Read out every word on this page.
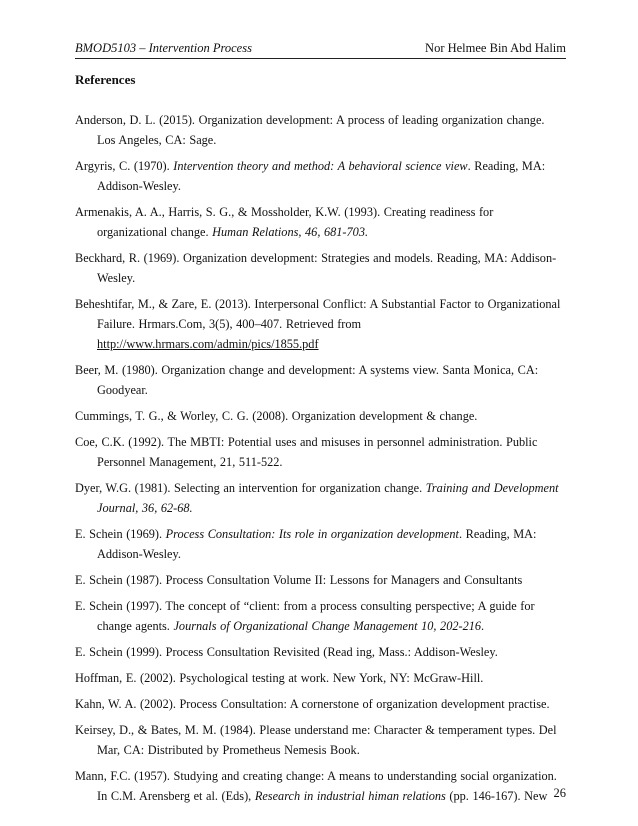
BMOD5103 – Intervention Process	Nor Helmee Bin Abd Halim
References
Anderson, D. L. (2015). Organization development: A process of leading organization change. Los Angeles, CA: Sage.
Argyris, C. (1970). Intervention theory and method: A behavioral science view. Reading, MA: Addison-Wesley.
Armenakis, A. A., Harris, S. G., & Mossholder, K.W. (1993). Creating readiness for organizational change. Human Relations, 46, 681-703.
Beckhard, R. (1969). Organization development: Strategies and models. Reading, MA: Addison-Wesley.
Beheshtifar, M., & Zare, E. (2013). Interpersonal Conflict: A Substantial Factor to Organizational Failure. Hrmars.Com, 3(5), 400–407. Retrieved from http://www.hrmars.com/admin/pics/1855.pdf
Beer, M. (1980). Organization change and development: A systems view. Santa Monica, CA: Goodyear.
Cummings, T. G., & Worley, C. G. (2008). Organization development & change.
Coe, C.K. (1992). The MBTI: Potential uses and misuses in personnel administration. Public Personnel Management, 21, 511-522.
Dyer, W.G. (1981). Selecting an intervention for organization change. Training and Development Journal, 36, 62-68.
E. Schein (1969). Process Consultation: Its role in organization development. Reading, MA: Addison-Wesley.
E. Schein (1987). Process Consultation Volume II: Lessons for Managers and Consultants
E. Schein (1997). The concept of “client: from a process consulting perspective; A guide for change agents. Journals of Organizational Change Management 10, 202-216.
E. Schein (1999). Process Consultation Revisited (Read ing, Mass.: Addison-Wesley.
Hoffman, E. (2002). Psychological testing at work. New York, NY: McGraw-Hill.
Kahn, W. A. (2002). Process Consultation: A cornerstone of organization development practise.
Keirsey, D., & Bates, M. M. (1984). Please understand me: Character & temperament types. Del Mar, CA: Distributed by Prometheus Nemesis Book.
Mann, F.C. (1957). Studying and creating change: A means to understanding social organization. In C.M. Arensberg et al. (Eds), Research in industrial himan relations (pp. 146-167). New 26
